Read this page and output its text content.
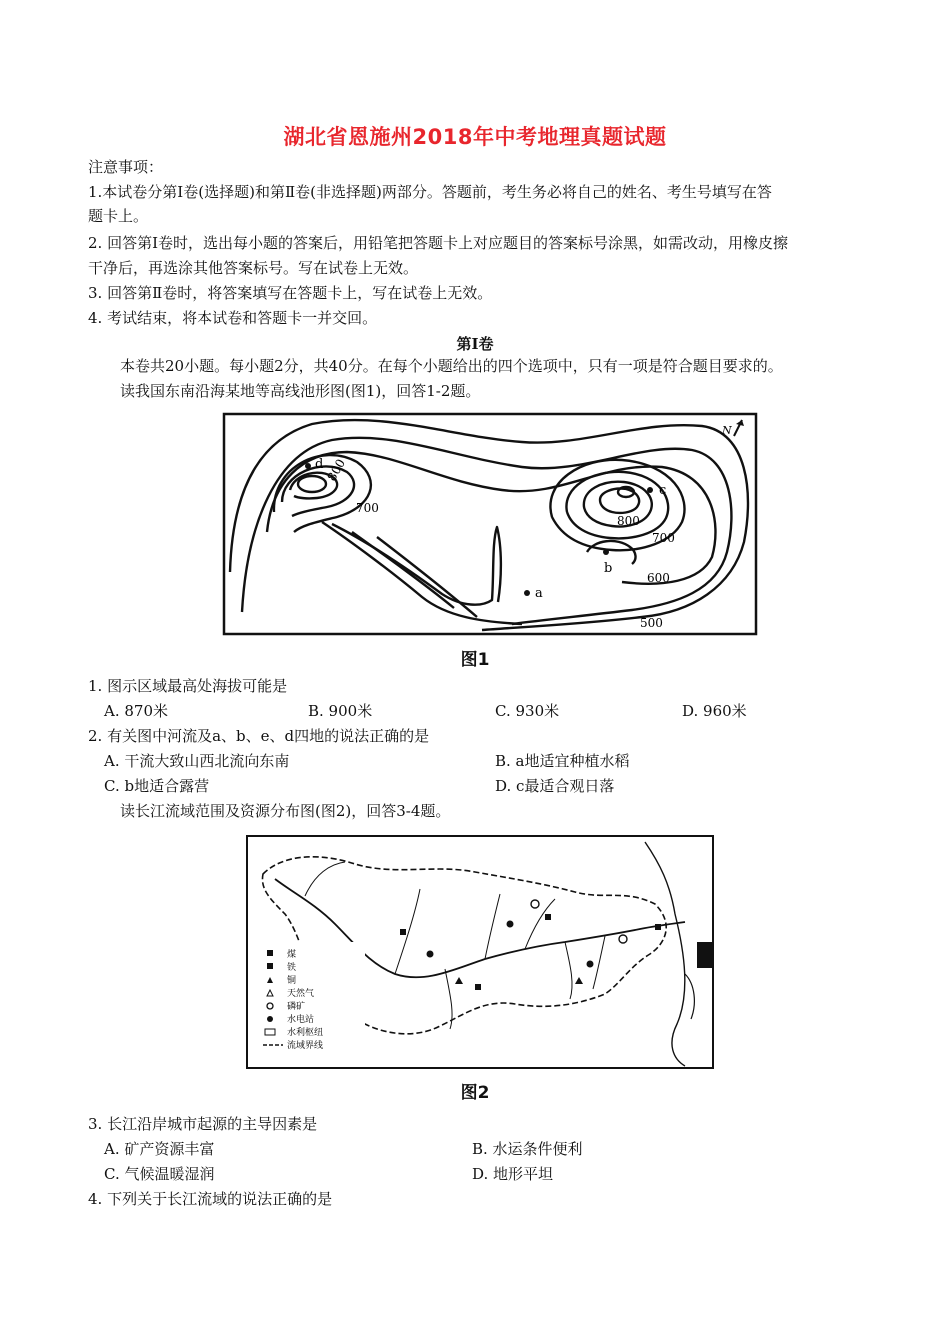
湖北省恩施州2018年中考地理真题试题
注意事项：
1.本试卷分第Ⅰ卷(选择题)和第Ⅱ卷(非选择题)两部分。答题前，考生务必将自己的姓名、考生号填写在答
题卡上。
2. 回答第Ⅰ卷时，选出每小题的答案后，用铅笔把答题卡上对应题目的答案标号涂黑，如需改动，用橡皮擦
干净后，再选涂其他答案标号。写在试卷上无效。
3. 回答第Ⅱ卷时，将答案填写在答题卡上，写在试卷上无效。
4. 考试结束，将本试卷和答题卡一并交回。
第Ⅰ卷
本卷共20小题。每小题2分，共40分。在每个小题给出的四个选项中，只有一项是符合题目要求的。
读我国东南沿海某地等高线池形图(图1)，回答1-2题。
N
d
c
b
a
800
700
800
700
600
500
图1
1. 图示区域最高处海拔可能是
A. 870米	B. 900米	C. 930米	D. 960米
2. 有关图中河流及a、b、e、d四地的说法正确的是
A. 干流大致山西北流向东南	B. a地适宜种植水稻
C. b地适合露营	D. c最适合观日落
读长江流域范围及资源分布图(图2)，回答3-4题。
煤
铁
铜
天然气
磷矿
水电站
水利枢纽
流域界线
图2
3. 长江沿岸城市起源的主导因素是
A. 矿产资源丰富	B. 水运条件便利
C. 气候温暖湿润	D. 地形平坦
4. 下列关于长江流域的说法正确的是
